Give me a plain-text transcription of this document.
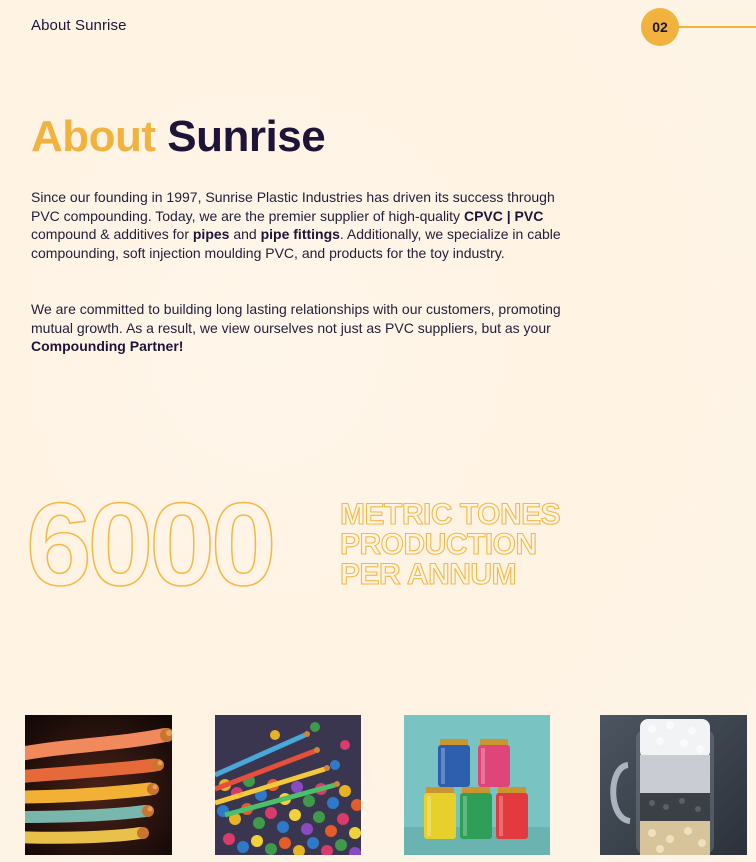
About Sunrise	02
About Sunrise

Since our founding in 1997, Sunrise Plastic Industries has driven its success through PVC compounding. Today, we are the premier supplier of high-quality CPVC | PVC compound & additives for pipes and pipe fittings. Additionally, we specialize in cable compounding, soft injection moulding PVC, and products for the toy industry.

We are committed to building long lasting relationships with our customers, promoting mutual growth. As a result, we view ourselves not just as PVC suppliers, but as your Compounding Partner!

6000 METRIC TONES
PRODUCTION
PER ANNUM
